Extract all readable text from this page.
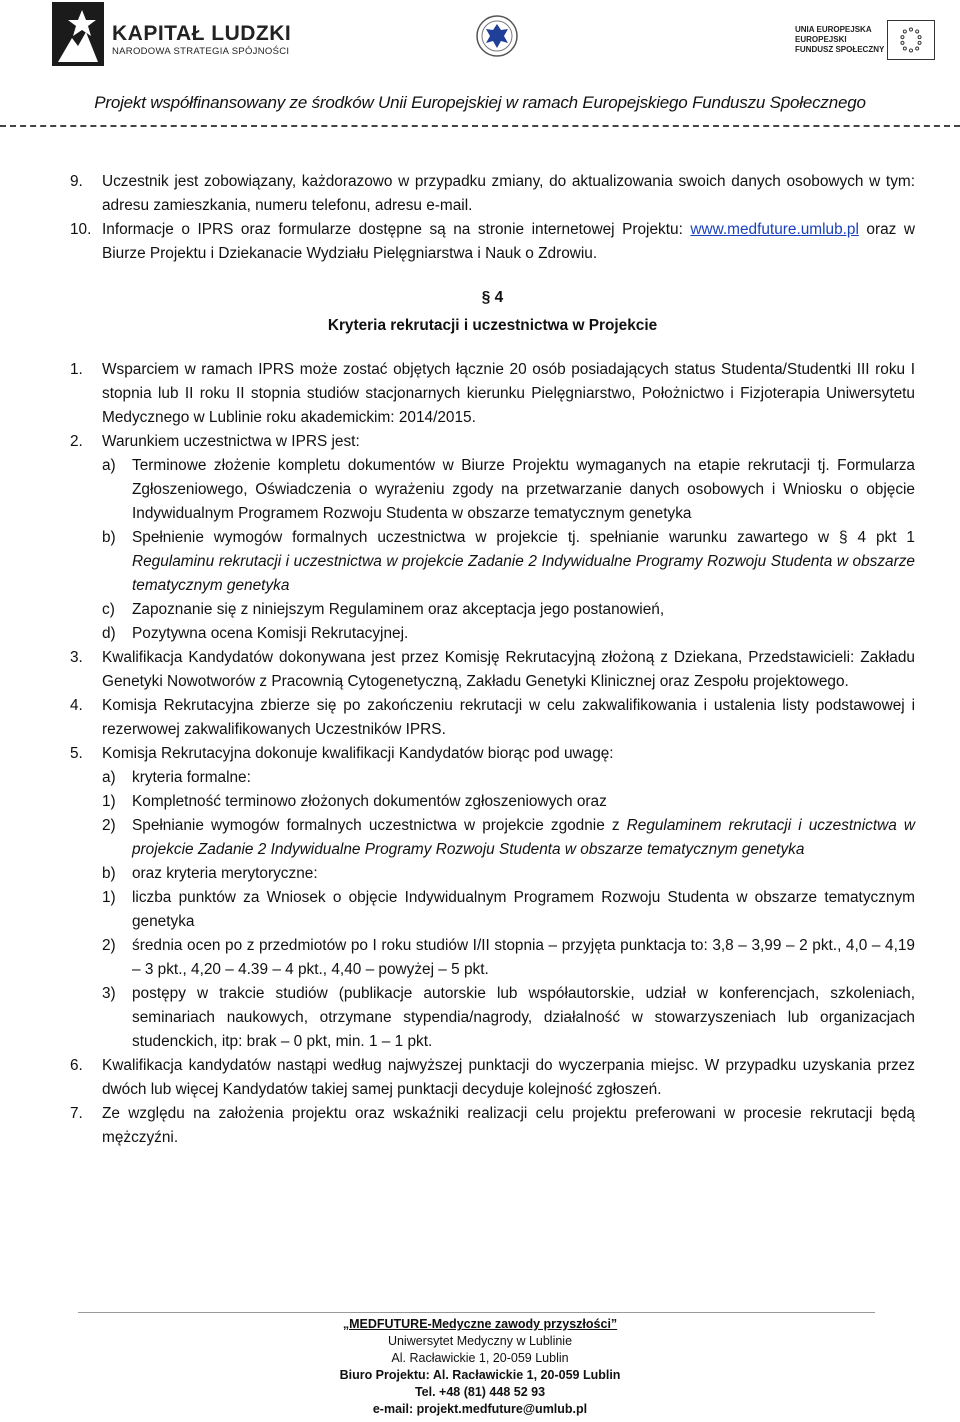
KAPITAŁ LUDZKI
NARODOWA STRATEGIA SPÓJNOŚCI
UNIA EUROPEJSKA
EUROPEJSKI
FUNDUSZ SPOŁECZNY
Projekt współfinansowany ze środków Unii Europejskiej w ramach Europejskiego Funduszu Społecznego
9. Uczestnik jest zobowiązany, każdorazowo w przypadku zmiany, do aktualizowania swoich danych osobowych w tym: adresu zamieszkania, numeru telefonu, adresu e-mail.
10. Informacje o IPRS oraz formularze dostępne są na stronie internetowej Projektu: www.medfuture.umlub.pl oraz w Biurze Projektu i Dziekanacie Wydziału Pielęgniarstwa i Nauk o Zdrowiu.
§ 4
Kryteria rekrutacji i uczestnictwa w Projekcie
1. Wsparciem w ramach IPRS może zostać objętych łącznie 20 osób posiadających status Studenta/Studentki III roku I stopnia lub II roku II stopnia studiów stacjonarnych kierunku Pielęgniarstwo, Położnictwo i Fizjoterapia Uniwersytetu Medycznego w Lublinie roku akademickim: 2014/2015.
2. Warunkiem uczestnictwa w IPRS jest:
a) Terminowe złożenie kompletu dokumentów w Biurze Projektu wymaganych na etapie rekrutacji tj. Formularza Zgłoszeniowego, Oświadczenia o wyrażeniu zgody na przetwarzanie danych osobowych i Wniosku o objęcie Indywidualnym Programem Rozwoju Studenta w obszarze tematycznym genetyka
b) Spełnienie wymogów formalnych uczestnictwa w projekcie tj. spełnianie warunku zawartego w § 4 pkt 1 Regulaminu rekrutacji i uczestnictwa w projekcie Zadanie 2 Indywidualne Programy Rozwoju Studenta w obszarze tematycznym genetyka
c) Zapoznanie się z niniejszym Regulaminem oraz akceptacja jego postanowień,
d) Pozytywna ocena Komisji Rekrutacyjnej.
3. Kwalifikacja Kandydatów dokonywana jest przez Komisję Rekrutacyjną złożoną z Dziekana, Przedstawicieli: Zakładu Genetyki Nowotworów z Pracownią Cytogenetyczną, Zakładu Genetyki Klinicznej oraz Zespołu projektowego.
4. Komisja Rekrutacyjna zbierze się po zakończeniu rekrutacji w celu zakwalifikowania i ustalenia listy podstawowej i rezerwowej zakwalifikowanych Uczestników IPRS.
5. Komisja Rekrutacyjna dokonuje kwalifikacji Kandydatów biorąc pod uwagę:
a) kryteria formalne:
1) Kompletność terminowo złożonych dokumentów zgłoszeniowych oraz
2) Spełnianie wymogów formalnych uczestnictwa w projekcie zgodnie z Regulaminem rekrutacji i uczestnictwa w projekcie Zadanie 2 Indywidualne Programy Rozwoju Studenta w obszarze tematycznym genetyka
b) oraz kryteria merytoryczne:
1) liczba punktów za Wniosek o objęcie Indywidualnym Programem Rozwoju Studenta w obszarze tematycznym genetyka
2) średnia ocen po z przedmiotów po I roku studiów I/II stopnia – przyjęta punktacja to: 3,8 – 3,99 – 2 pkt., 4,0 – 4,19 – 3 pkt., 4,20 – 4.39 – 4 pkt., 4,40 – powyżej – 5 pkt.
3) postępy w trakcie studiów (publikacje autorskie lub współautorskie, udział w konferencjach, szkoleniach, seminariach naukowych, otrzymane stypendia/nagrody, działalność w stowarzyszeniach lub organizacjach studenckich, itp: brak – 0 pkt, min. 1 – 1 pkt.
6. Kwalifikacja kandydatów nastąpi według najwyższej punktacji do wyczerpania miejsc. W przypadku uzyskania przez dwóch lub więcej Kandydatów takiej samej punktacji decyduje kolejność zgłoszeń.
7. Ze względu na założenia projektu oraz wskaźniki realizacji celu projektu preferowani w procesie rekrutacji będą mężczyźni.
„MEDFUTURE-Medyczne zawody przyszłości”
Uniwersytet Medyczny w Lublinie
Al. Racławickie 1, 20-059 Lublin
Biuro Projektu: Al. Racławickie 1, 20-059 Lublin
Tel. +48 (81) 448 52 93
e-mail: projekt.medfuture@umlub.pl
